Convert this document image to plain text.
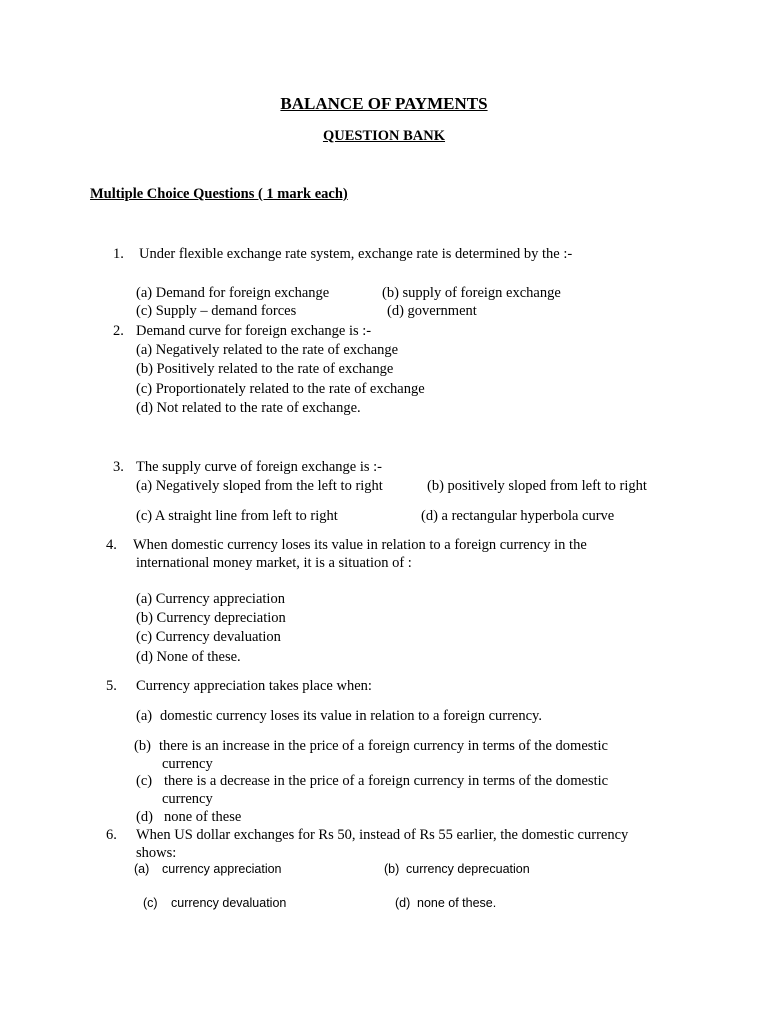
BALANCE OF PAYMENTS
QUESTION BANK
Multiple Choice Questions ( 1 mark each)
1. Under flexible exchange rate system, exchange rate is determined by the :-
(a) Demand for foreign exchange	(b) supply of foreign exchange
(c) Supply – demand forces	(d) government
2. Demand curve for foreign exchange is :-
(a) Negatively related to the rate of exchange
(b) Positively related to the rate of exchange
(c) Proportionately related to the rate of exchange
(d) Not related to the rate of exchange.
3. The supply curve of foreign exchange is :-
(a) Negatively sloped from the left to right	(b) positively sloped from left to right
(c) A straight line from left to right	(d) a rectangular hyperbola curve
4. When domestic currency loses its value in relation to a foreign currency in the
international money market, it is a situation of :
(a) Currency appreciation
(b) Currency depreciation
(c) Currency devaluation
(d) None of these.
5. Currency appreciation takes place when:
(a) domestic currency loses its value in relation to a foreign currency.
(b) there is an increase in the price of a foreign currency in terms of the domestic
currency
(c) there is a decrease in the price of a foreign currency in terms of the domestic
currency
(d) none of these
6. When US dollar exchanges for Rs 50, instead of Rs 55 earlier, the domestic currency
shows:
(a) currency appreciation	(b) currency deprecuation
(c) currency devaluation	(d) none of these.
